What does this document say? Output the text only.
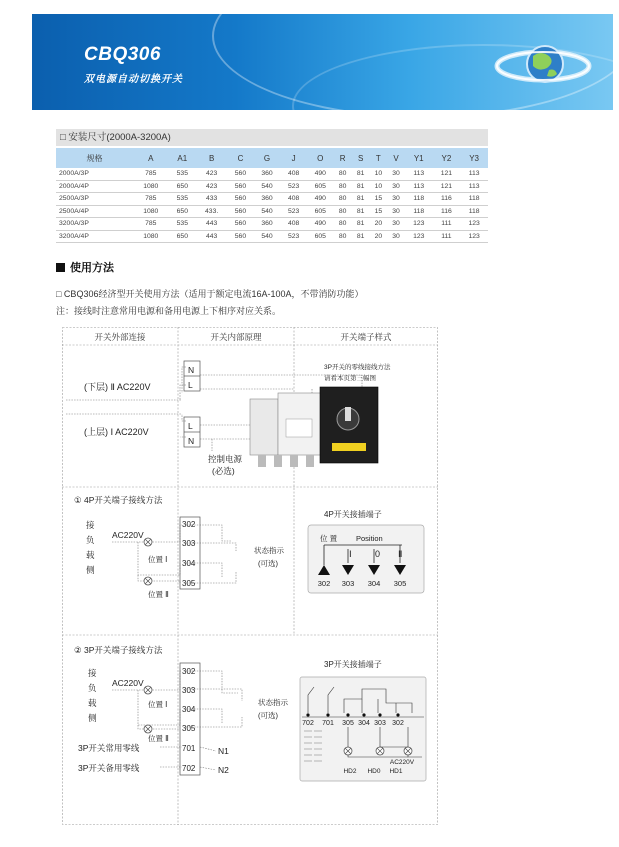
CBQ306
双电源自动切换开关
□ 安装尺寸(2000A-3200A)
规格	A	A1	B	C	G	J	O	R	S	T	V	Y1	Y2	Y3
2000A/3P	785	535	423	560	360	408	490	80	81	10	30	113	121	113
2000A/4P	1080	650	423	560	540	523	605	80	81	10	30	113	121	113
2500A/3P	785	535	433	560	360	408	490	80	81	15	30	118	116	118
2500A/4P	1080	650	433.	560	540	523	605	80	81	15	30	118	116	118
3200A/3P	785	535	443	560	360	408	490	80	81	20	30	123	111	123
3200A/4P	1080	650	443	560	540	523	605	80	81	20	30	123	111	123
使用方法
□ CBQ306经济型开关使用方法（适用于额定电流16A-100A，不带消防功能）
注：接线时注意常用电源和备用电源上下相序对应关系。
开关外部连接	开关内部原理	开关端子样式
(下层) Ⅱ AC220V
(上层) Ⅰ AC220V
N
L
L
N
控制电源
(必选)
3P开关的零线接线方法
请看本页第三幅图
① 4P开关端子接线方法
接
负
载
侧
AC220V
位置 Ⅰ
位置 Ⅱ
状态指示
(可选)
302
303
304
305
4P开关接插端子
位 置	Position
Ⅰ	0 Ⅱ
302 303 304 305
② 3P开关端子接线方法
接
负
载
侧
AC220V
位置 Ⅰ
位置 Ⅱ
状态指示
(可选)
3P开关常用零线
3P开关备用零线
N1
N2
302
303
304
305
701
702
3P开关接插端子
702 701 305 304 303 302
HD2 HD0 HD1
AC220V
